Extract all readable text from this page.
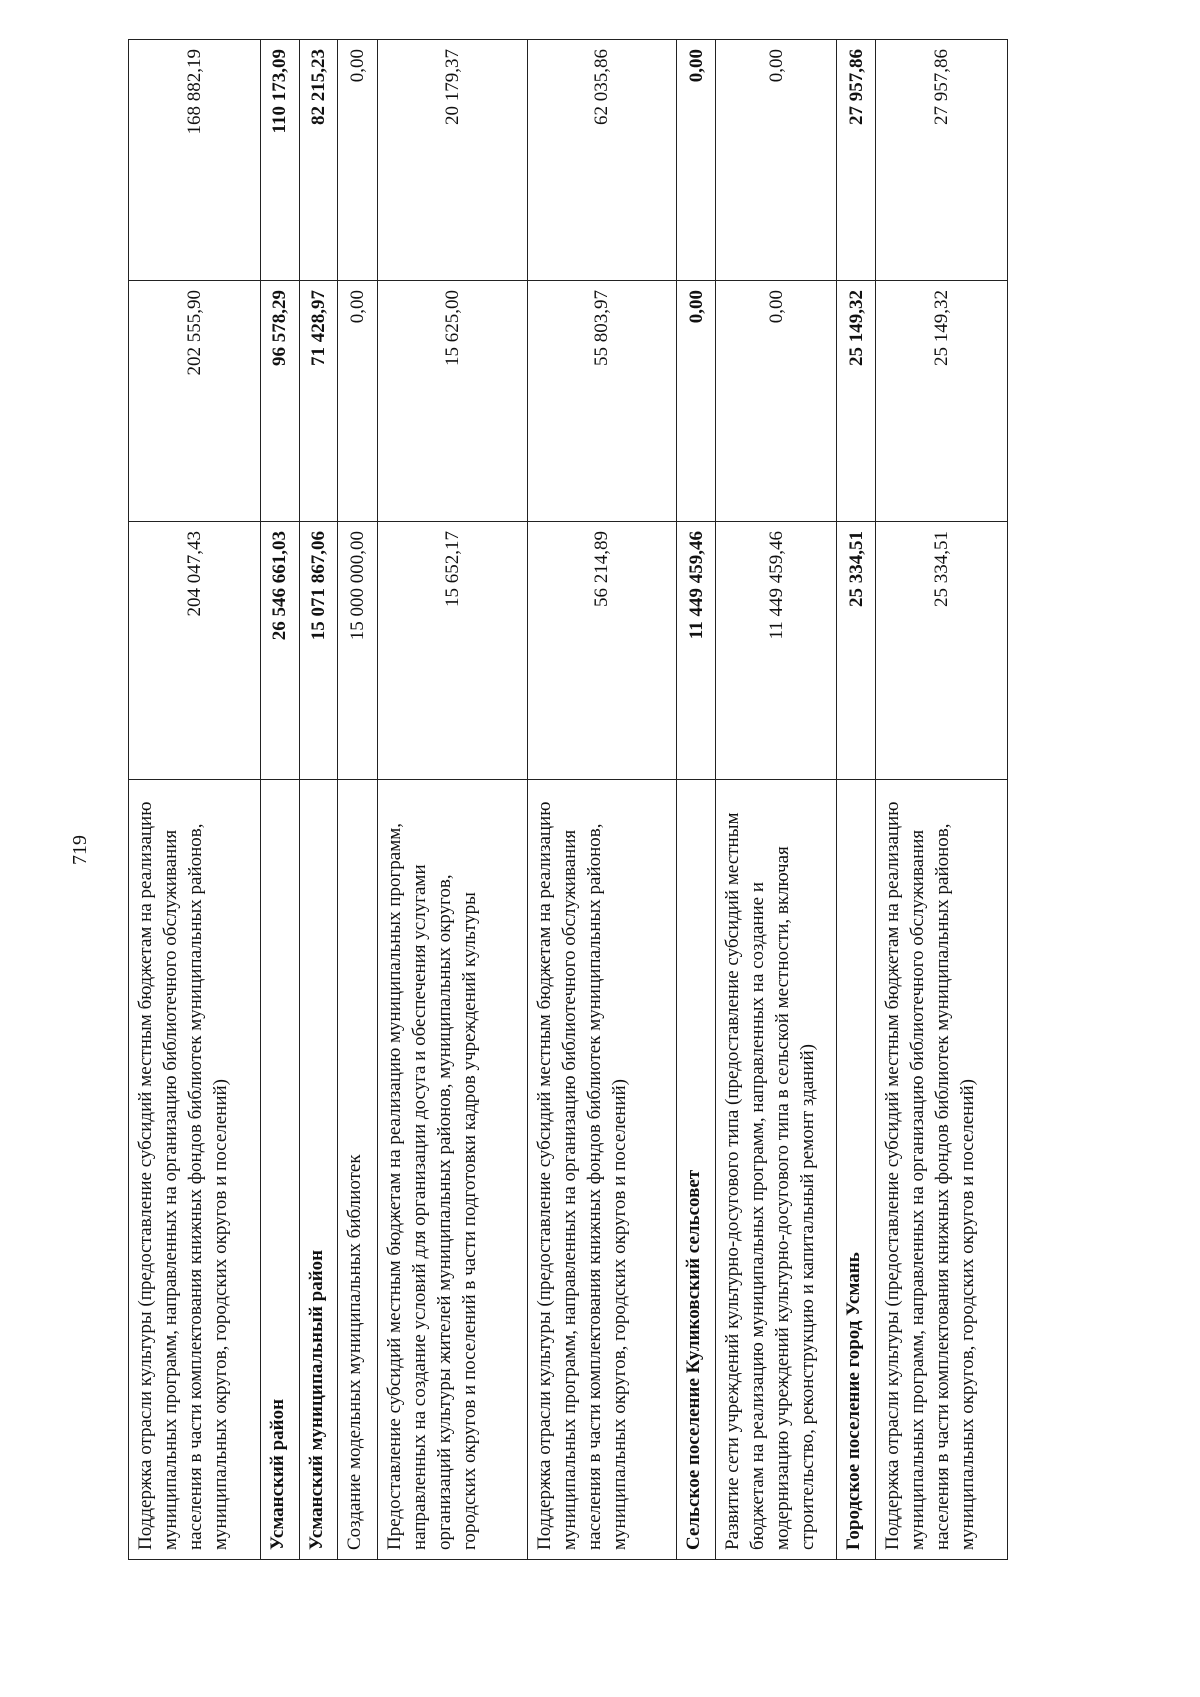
719	Поддержка отрасли культуры (предоставление субсидий местным бюджетам на реализацию муниципальных программ, направленных на организацию библиотечного обслуживания населения в части комплектования книжных фондов библиотек муниципальных районов, муниципальных округов, городских округов и поселений)	204 047,43	202 555,90	168 882,19
Усманский район	26 546 661,03	96 578,29	110 173,09
Усманский муниципальный район	15 071 867,06	71 428,97	82 215,23
Создание модельных муниципальных библиотек	15 000 000,00	0,00	0,00
Предоставление субсидий местным бюджетам на реализацию муниципальных программ, направленных на создание условий для организации досуга и обеспечения услугами организаций культуры жителей муниципальных районов, муниципальных округов, городских округов и поселений в части подготовки кадров учреждений культуры	15 652,17	15 625,00	20 179,37
Поддержка отрасли культуры (предоставление субсидий местным бюджетам на реализацию муниципальных программ, направленных на организацию библиотечного обслуживания населения в части комплектования книжных фондов библиотек муниципальных районов, муниципальных округов, городских округов и поселений)	56 214,89	55 803,97	62 035,86
Сельское поселение Куликовский сельсовет	11 449 459,46	0,00	0,00
Развитие сети учреждений культурно-досугового типа (предоставление субсидий местным бюджетам на реализацию муниципальных программ, направленных на создание и модернизацию учреждений культурно-досугового типа в сельской местности, включая строительство, реконструкцию и капитальный ремонт зданий)	11 449 459,46	0,00	0,00
Городское поселение город Усмань	25 334,51	25 149,32	27 957,86
Поддержка отрасли культуры (предоставление субсидий местным бюджетам на реализацию муниципальных программ, направленных на организацию библиотечного обслуживания населения в части комплектования книжных фондов библиотек муниципальных районов, муниципальных округов, городских округов и поселений)	25 334,51	25 149,32	27 957,86
